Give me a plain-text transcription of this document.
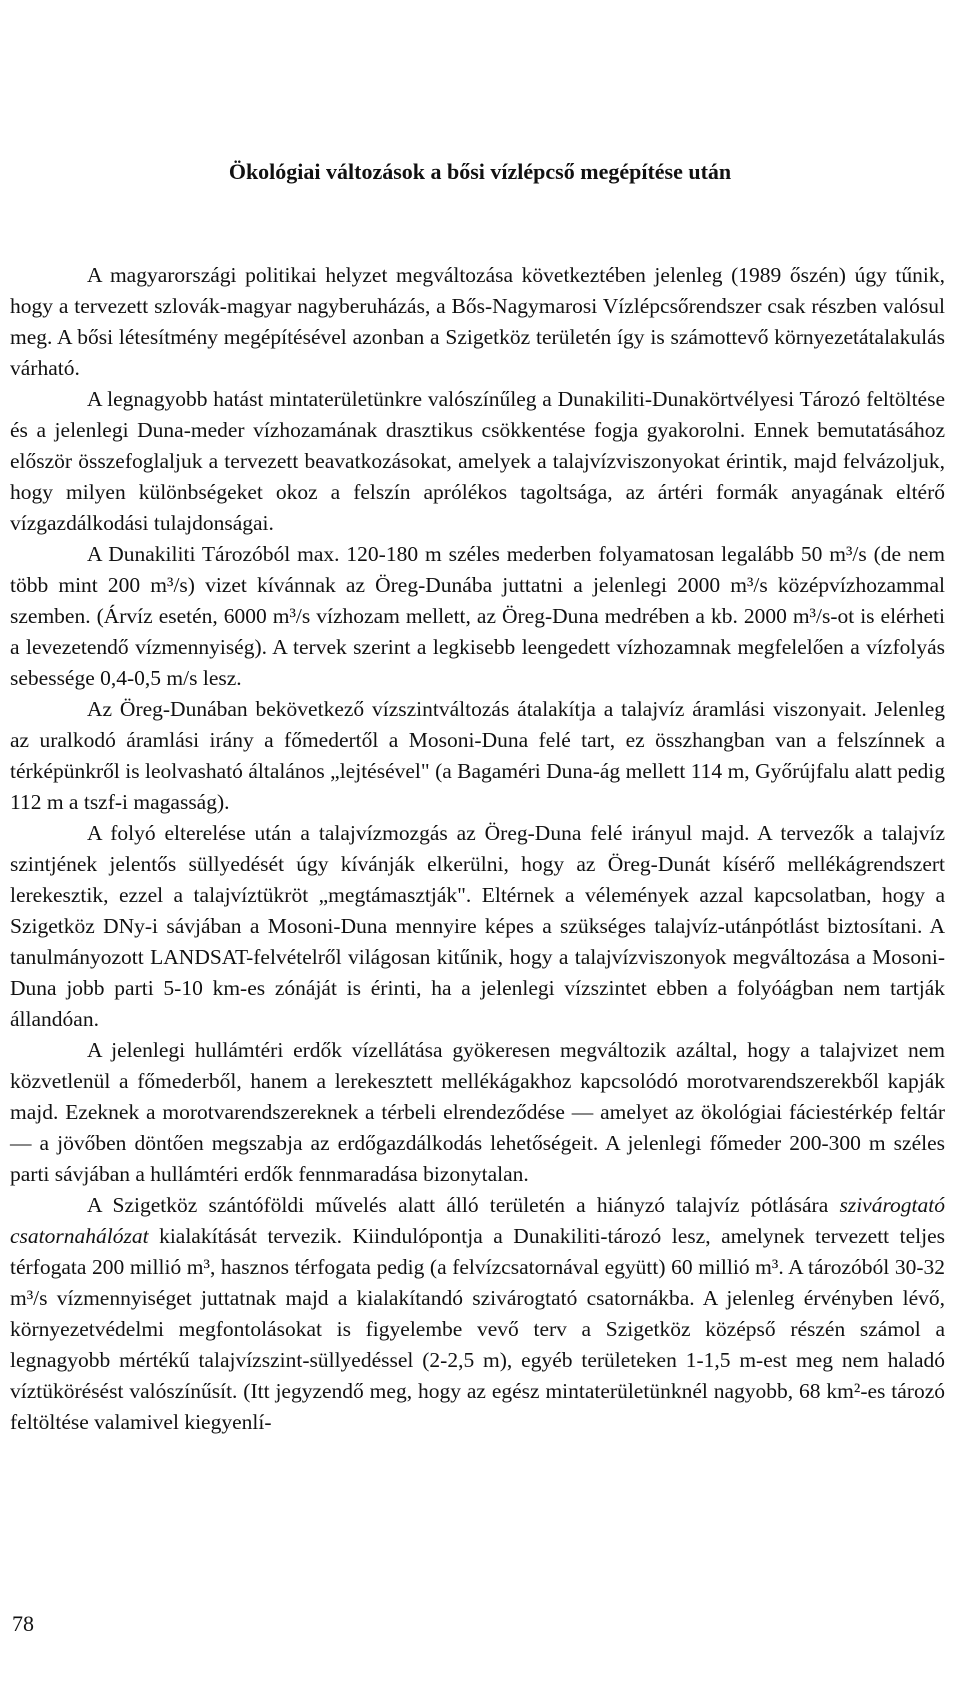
Ökológiai változások a bősi vízlépcső megépítése után

A magyarországi politikai helyzet megváltozása következtében jelenleg (1989 őszén) úgy tűnik, hogy a tervezett szlovák-magyar nagyberuházás, a Bős-Nagymarosi Vízlépcsőrendszer csak részben valósul meg. A bősi létesítmény megépítésével azonban a Szigetköz területén így is számottevő környezetátalakulás várható.

A legnagyobb hatást mintaterületünkre valószínűleg a Dunakiliti-Dunakörtvélyesi Tározó feltöltése és a jelenlegi Duna-meder vízhozamának drasztikus csökkentése fogja gyakorolni. Ennek bemutatásához először összefoglaljuk a tervezett beavatkozásokat, amelyek a talajvízviszonyokat érintik, majd felvázoljuk, hogy milyen különbségeket okoz a felszín aprólékos tagoltsága, az ártéri formák anyagának eltérő vízgazdálkodási tulajdonságai.

A Dunakiliti Tározóból max. 120-180 m széles mederben folyamatosan legalább 50 m³/s (de nem több mint 200 m³/s) vizet kívánnak az Öreg-Dunába juttatni a jelenlegi 2000 m³/s középvízhozammal szemben. (Árvíz esetén, 6000 m³/s vízhozam mellett, az Öreg-Duna medrében a kb. 2000 m³/s-ot is elérheti a levezetendő vízmennyiség). A tervek szerint a legkisebb leengedett vízhozamnak megfelelően a vízfolyás sebessége 0,4-0,5 m/s lesz.

Az Öreg-Dunában bekövetkező vízszintváltozás átalakítja a talajvíz áramlási viszonyait. Jelenleg az uralkodó áramlási irány a főmedertől a Mosoni-Duna felé tart, ez összhangban van a felszínnek a térképünkről is leolvasható általános „lejtésével" (a Bagaméri Duna-ág mellett 114 m, Győrújfalu alatt pedig 112 m a tszf-i magasság).

A folyó elterelése után a talajvízmozgás az Öreg-Duna felé irányul majd. A tervezők a talajvíz szintjének jelentős süllyedését úgy kívánják elkerülni, hogy az Öreg-Dunát kísérő mellékágrendszert lerekesztik, ezzel a talajvíztükröt „megtámasztják". Eltérnek a vélemények azzal kapcsolatban, hogy a Szigetköz DNy-i sávjában a Mosoni-Duna mennyire képes a szükséges talajvíz-utánpótlást biztosítani. A tanulmányozott LANDSAT-felvételről világosan kitűnik, hogy a talajvízviszonyok megváltozása a Mosoni-Duna jobb parti 5-10 km-es zónáját is érinti, ha a jelenlegi vízszintet ebben a folyóágban nem tartják állandóan.

A jelenlegi hullámtéri erdők vízellátása gyökeresen megváltozik azáltal, hogy a talajvizet nem közvetlenül a főmederből, hanem a lerekesztett mellékágakhoz kapcsolódó morotvarendszerekből kapják majd. Ezeknek a morotvarendszereknek a térbeli elrendeződése — amelyet az ökológiai fáciestérkép feltár — a jövőben döntően megszabja az erdőgazdálkodás lehetőségeit. A jelenlegi főmeder 200-300 m széles parti sávjában a hullámtéri erdők fennmaradása bizonytalan.

A Szigetköz szántóföldi művelés alatt álló területén a hiányzó talajvíz pótlására szivárogtató csatornahálózat kialakítását tervezik. Kiindulópontja a Dunakiliti-tározó lesz, amelynek tervezett teljes térfogata 200 millió m³, hasznos térfogata pedig (a felvízcsatornával együtt) 60 millió m³. A tározóból 30-32 m³/s vízmennyiséget juttatnak majd a kialakítandó szivárogtató csatornákba. A jelenleg érvényben lévő, környezetvédelmi megfontolásokat is figyelembe vevő terv a Szigetköz középső részén számol a legnagyobb mértékű talajvízszint-süllyedéssel (2-2,5 m), egyéb területeken 1-1,5 m-est meg nem haladó víztükörésést valószínűsít. (Itt jegyzendő meg, hogy az egész mintaterületünknél nagyobb, 68 km²-es tározó feltöltése valamivel kiegyenlí-

78
